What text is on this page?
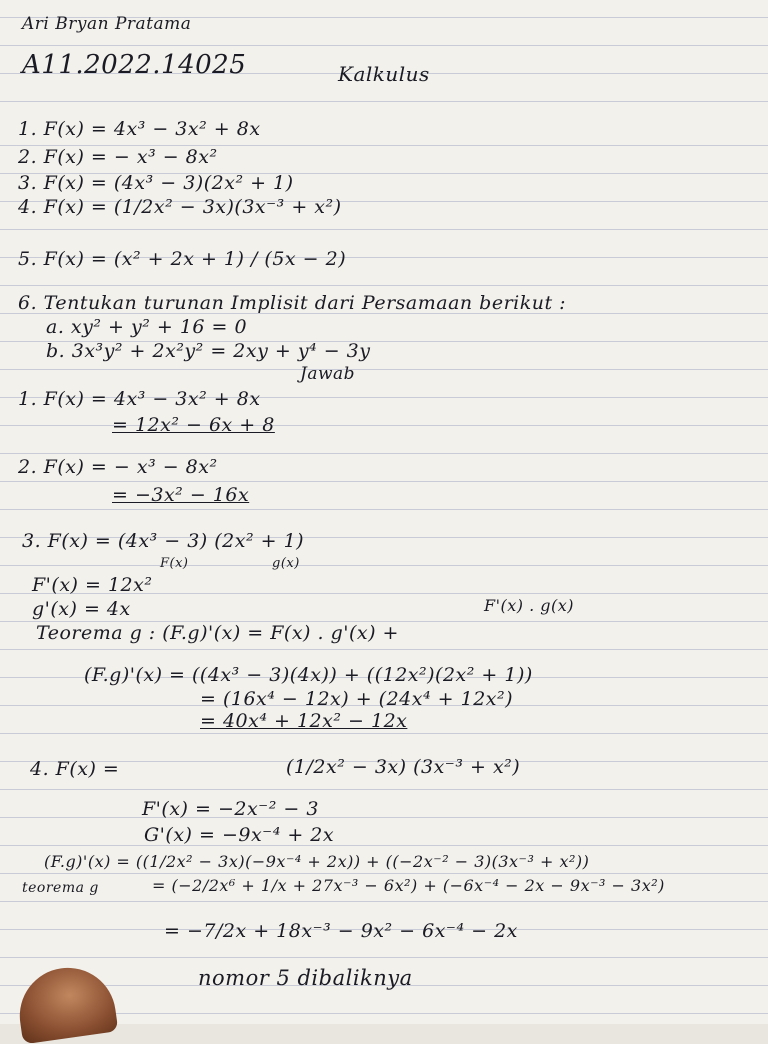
Ari Bryan Pratama
A11.2022.14025	Kalkulus
1. F(x) = 4x³ − 3x² + 8x
2. F(x) = − x³ − 8x²
3. F(x) = (4x³ − 3)(2x² + 1)
4. F(x) = (1/2x² − 3x)(3x⁻³ + x²)
5. F(x) = (x² + 2x + 1) / (5x − 2)
6. Tentukan turunan Implisit dari Persamaan berikut :
a. xy² + y² + 16 = 0
b. 3x³y² + 2x²y² = 2xy + y⁴ − 3y
Jawab
1. F(x) = 4x³ − 3x² + 8x
= 12x² − 6x + 8
2. F(x) = − x³ − 8x²
= −3x² − 16x
3. F(x) = (4x³ − 3) (2x² + 1)
F(x)	g(x)
F'(x) = 12x²
g'(x) = 4x	F'(x) . g(x)
Teorema g : (F.g)'(x) = F(x) . g'(x) +
(F.g)'(x) = ((4x³ − 3)(4x)) + ((12x²)(2x² + 1))
= (16x⁴ − 12x) + (24x⁴ + 12x²)
= 40x⁴ + 12x² − 12x
4. F(x) =	(1/2x² − 3x) (3x⁻³ + x²)
F'(x) = −2x⁻² − 3
G'(x) = −9x⁻⁴ + 2x
(F.g)'(x) = ((1/2x² − 3x)(−9x⁻⁴ + 2x)) + ((−2x⁻² − 3)(3x⁻³ + x²))
teorema g	= (−2/2x⁶ + 1/x + 27x⁻³ − 6x²) + (−6x⁻⁴ − 2x − 9x⁻³ − 3x²)
= −7/2x + 18x⁻³ − 9x² − 6x⁻⁴ − 2x
nomor 5 dibaliknya
